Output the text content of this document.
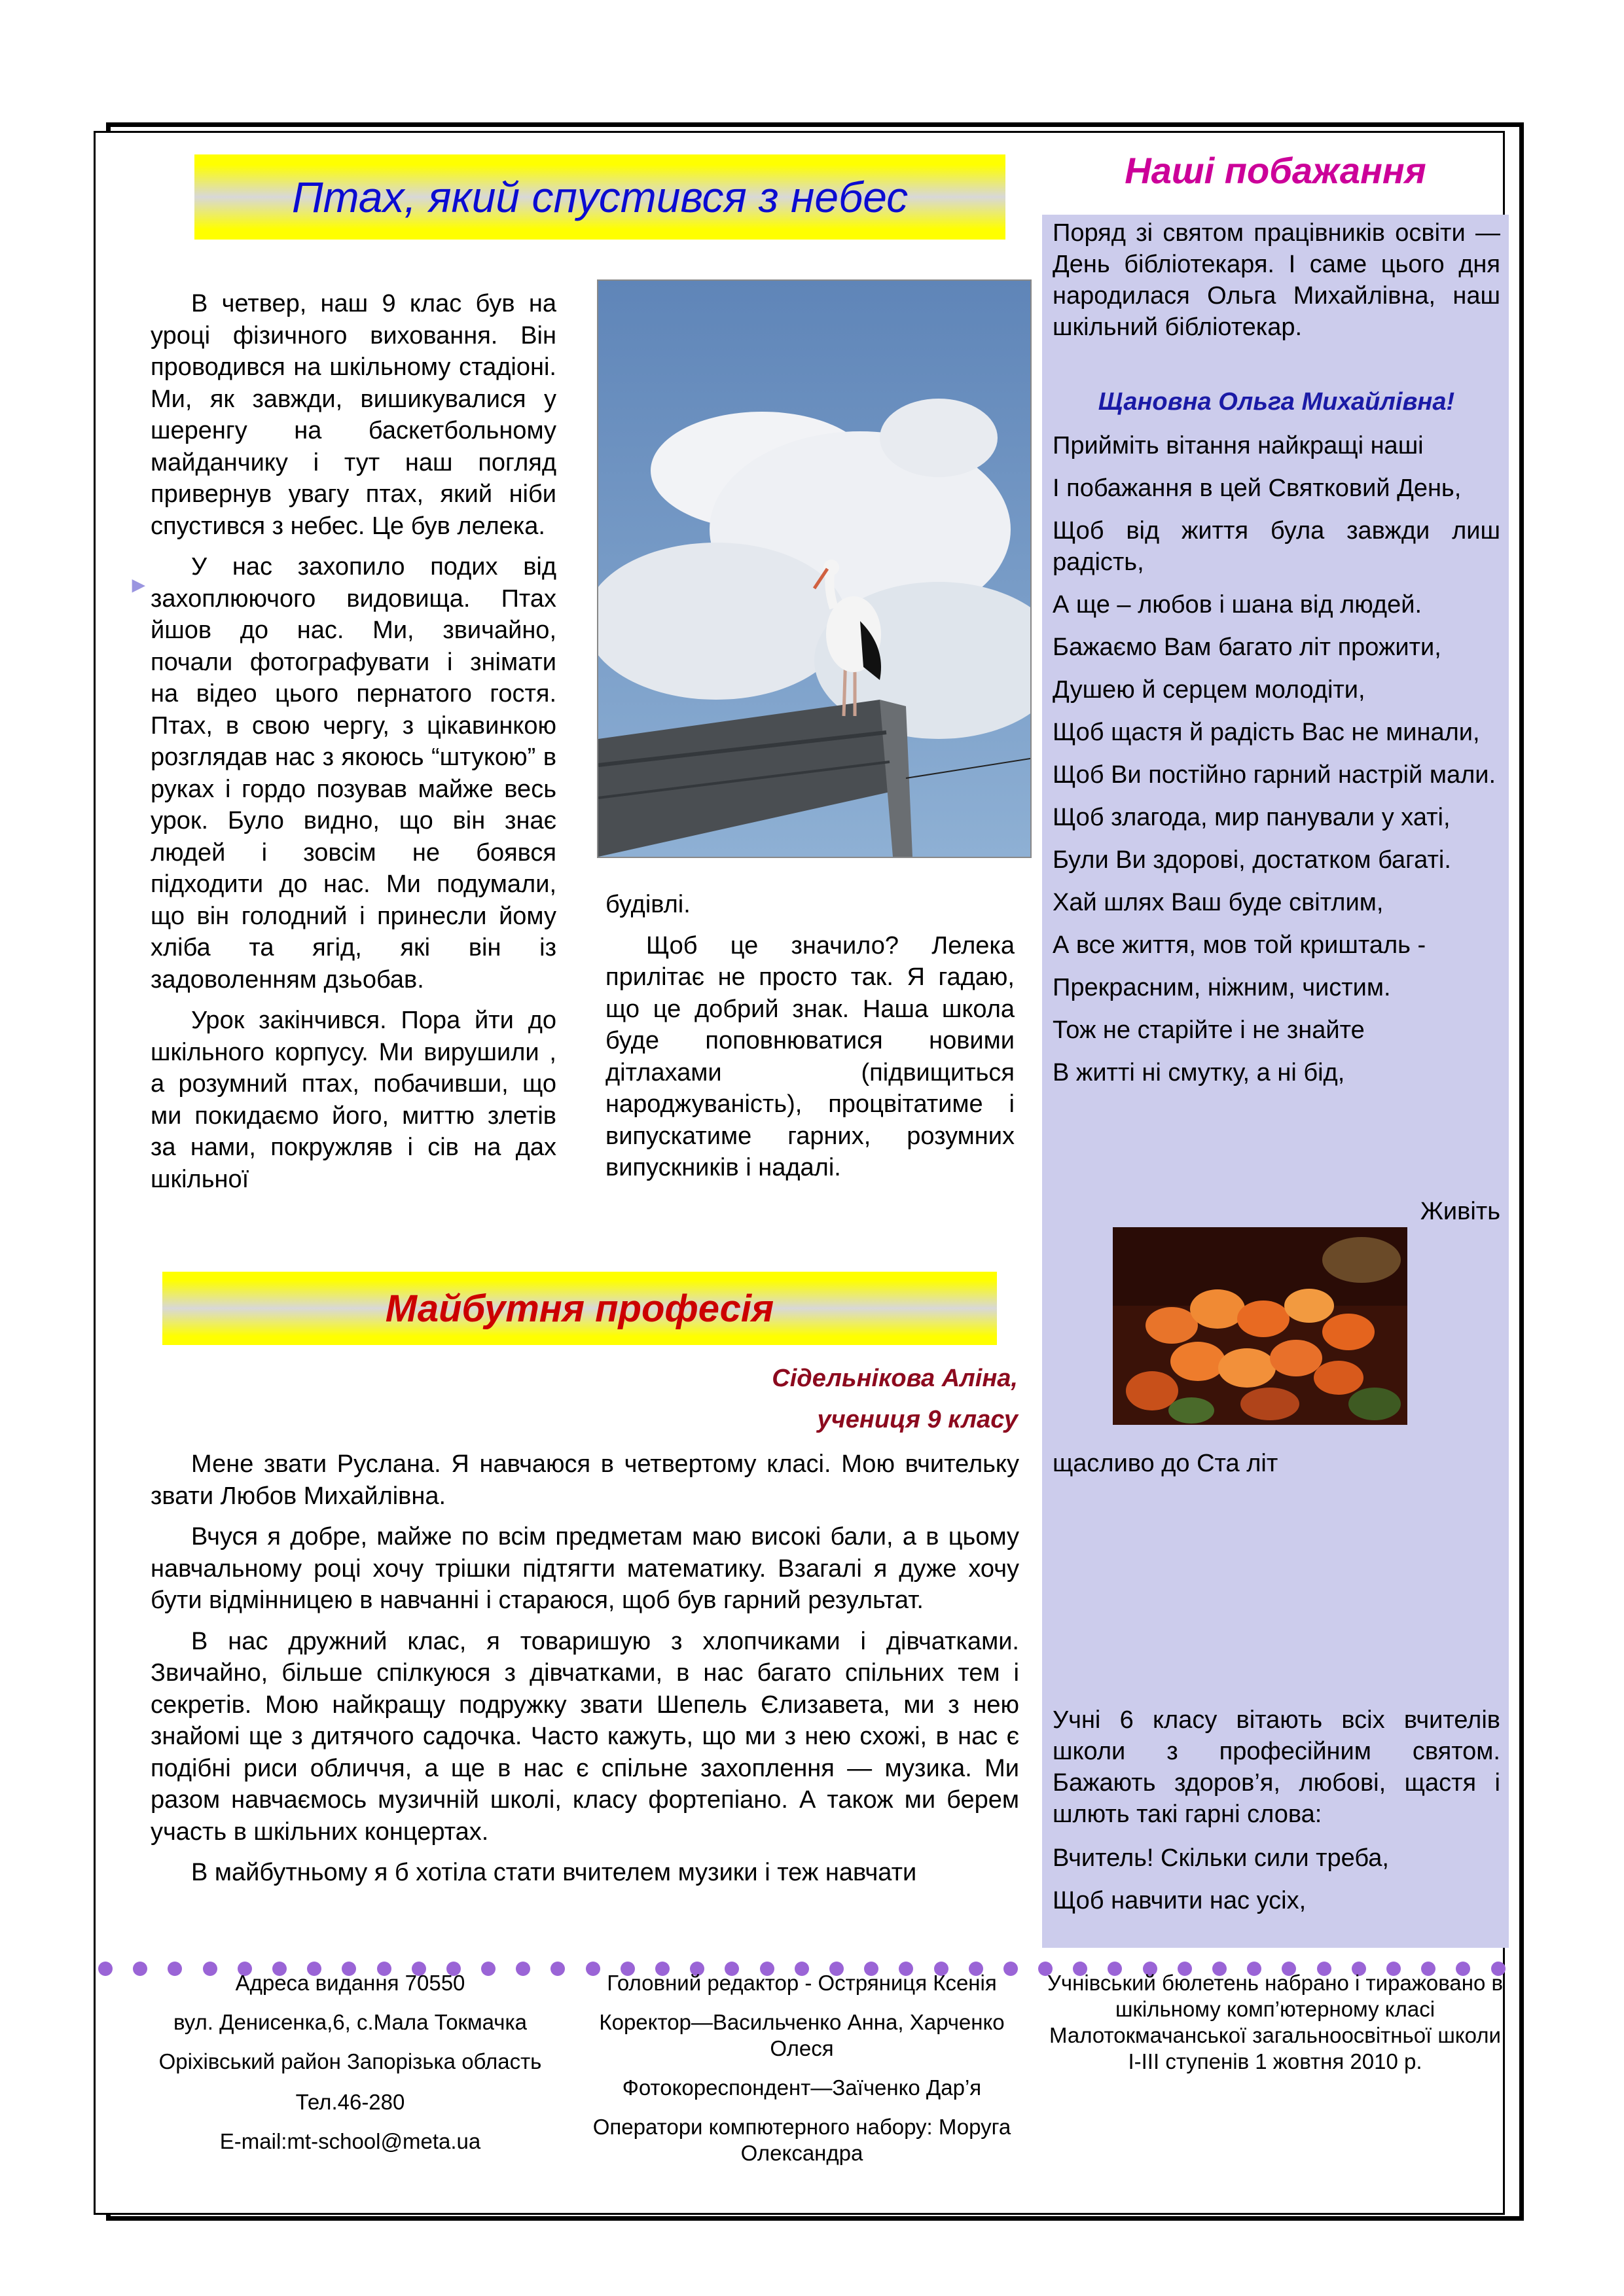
Птах, який спустився з небес

В четвер, наш 9 клас був на уроці фізичного виховання. Він проводився на шкільному стадіоні. Ми, як завжди, вишикувалися у шеренгу на баскетбольному майданчику і тут наш погляд привернув увагу птах, який ніби спустився з небес. Це був лелека.

У нас захопило подих від захоплюючого видовища. Птах йшов до нас. Ми, звичайно, почали фотографувати і знімати на відео цього пернатого гостя. Птах, в свою чергу, з цікавинкою розглядав нас з якоюсь “штукою” в руках і гордо позував майже весь урок. Було видно, що він знає людей і зовсім не боявся підходити до нас. Ми подумали, що він голодний і принесли йому хліба та ягід, які він із задоволенням дзьобав.

Урок закінчився. Пора йти до шкільного корпусу. Ми вирушили , а розумний птах, побачивши, що ми покидаємо його, миттю злетів за нами, покружляв і сів на дах шкільної

►

будівлі.

Щоб це значило? Лелека прилітає не просто так. Я гадаю, що це добрий знак. Наша школа буде поповнюватися новими дітлахами (підвищиться народжуваність), процвітатиме і випускатиме гарних, розумних випускників і надалі.

Майбутня професія
Сідельнікова Аліна,
учениця 9 класу

Мене звати Руслана. Я навчаюся в четвертому класі. Мою вчительку звати Любов Михайлівна.

Вчуся я добре, майже по всім предметам маю високі бали, а в цьому навчальному році хочу трішки підтягти математику. Взагалі я дуже хочу бути відмінницею в навчанні і стараюся, щоб був гарний результат.

В нас дружний клас, я товаришую з хлопчиками і дівчатками. Звичайно, більше спілкуюся з дівчатками, в нас багато спільних тем і секретів. Мою найкращу подружку звати Шепель Єлизавета, ми з нею знайомі ще з дитячого садочка. Часто кажуть, що ми з нею схожі, в нас є подібні риси обличчя, а ще в нас є спільне захоплення — музика. Ми разом навчаємось музичній школі, класу фортепіано. А також ми берем участь в шкільних концертах.

В майбутньому я б хотіла стати вчителем музики і теж навчати

Наші побажання
Поряд зі святом працівників освіти — День бібліотекаря. І саме цього дня народилася Ольга Михайлівна, наш шкільний бібліотекар.
Щановна Ольга Михайлівна!
Прийміть вітання найкращі наші
І побажання в цей Святковий День,
Щоб від життя була завжди лиш радість,
А ще – любов і шана від людей.
Бажаємо Вам багато літ прожити,
Душею й серцем молодіти,
Щоб щастя й радість Вас не минали,
Щоб Ви постійно гарний настрій мали.
Щоб злагода, мир панували у хаті,
Були Ви здорові, достатком багаті.
Хай шлях Ваш буде світлим,
А все життя, мов той кришталь -
Прекрасним, ніжним, чистим.
Тож не старійте і не знайте
В житті ні смутку, а ні бід,
Живіть
щасливо до Ста літ
Учні 6 класу вітають всіх вчителів школи з професійним святом. Бажають здоров’я, любові, щастя і шлють такі гарні слова:
Вчитель! Скільки сили треба,
Щоб навчити нас усіх,

Адреса видання 70550

вул. Денисенка,6, с.Мала Токмачка

Оріхівський район Запорізька область

Тел.46-280

E-mail:mt-school@meta.ua

Головний редактор - Остряниця Ксенія

Коректор—Васильченко Анна, Харченко Олеся

Фотокореспондент—Заїченко Дар’я

Оператори компютерного набору: Моруга Олександра

Учнівський бюлетень набрано і тиражовано в шкільному комп’ютерному класі Малотокмачанської загальноосвітньої школи І-ІІІ ступенів 1 жовтня 2010 р.
